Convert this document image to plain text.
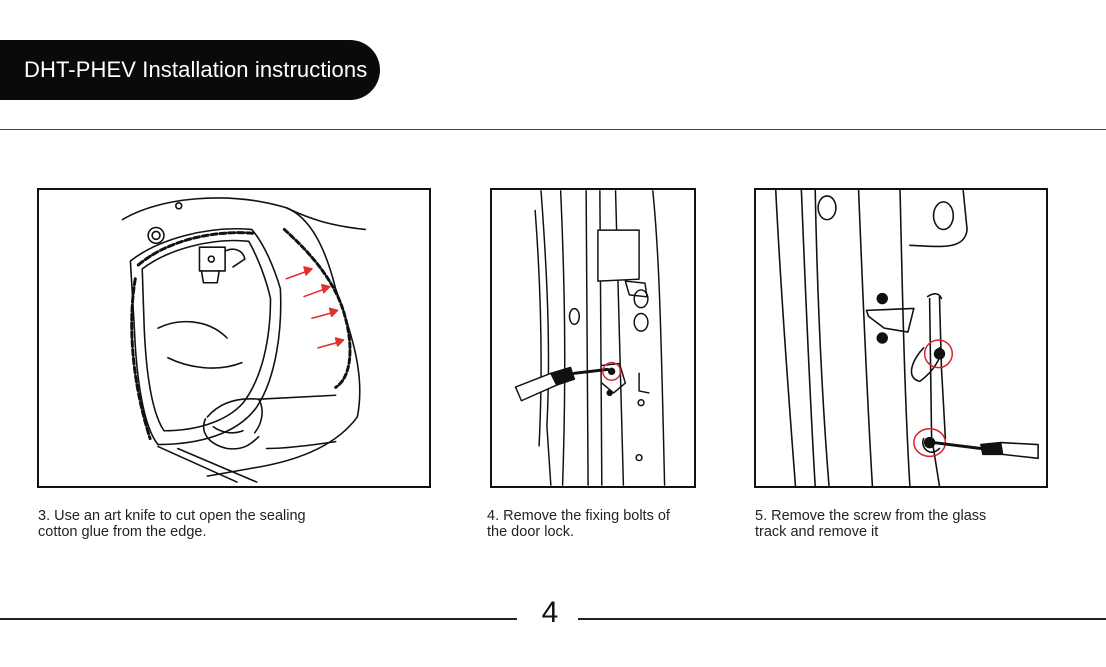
DHT-PHEV Installation instructions
3. Use an art knife to cut open the sealing
cotton glue from the edge.
4. Remove the fixing bolts of
the door lock.
5. Remove the screw from the glass
track and remove it
4
